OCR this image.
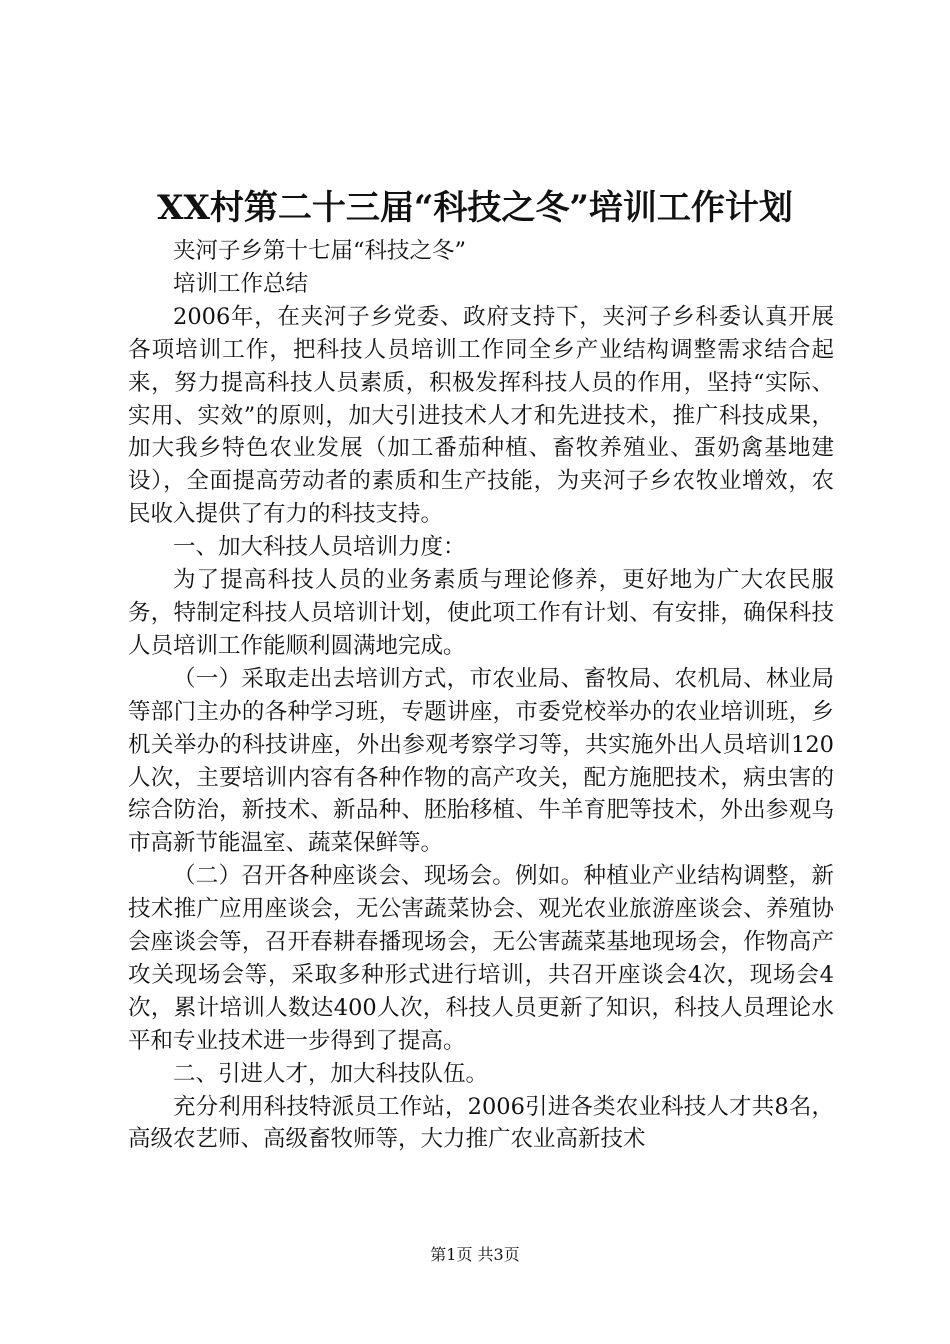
XX村第二十三届“科技之冬”培训工作计划

夹河子乡第十七届“科技之冬”

培训工作总结

2006年，在夹河子乡党委、政府支持下，夹河子乡科委认真开展各项培训工作，把科技人员培训工作同全乡产业结构调整需求结合起来，努力提高科技人员素质，积极发挥科技人员的作用，坚持“实际、实用、实效”的原则，加大引进技术人才和先进技术，推广科技成果，加大我乡特色农业发展（加工番茄种植、畜牧养殖业、蛋奶禽基地建设），全面提高劳动者的素质和生产技能，为夹河子乡农牧业增效，农民收入提供了有力的科技支持。

一、加大科技人员培训力度：

为了提高科技人员的业务素质与理论修养，更好地为广大农民服务，特制定科技人员培训计划，使此项工作有计划、有安排，确保科技人员培训工作能顺利圆满地完成。

（一）采取走出去培训方式，市农业局、畜牧局、农机局、林业局等部门主办的各种学习班，专题讲座，市委党校举办的农业培训班，乡机关举办的科技讲座，外出参观考察学习等，共实施外出人员培训120人次，主要培训内容有各种作物的高产攻关，配方施肥技术，病虫害的综合防治，新技术、新品种、胚胎移植、牛羊育肥等技术，外出参观乌市高新节能温室、蔬菜保鲜等。

（二）召开各种座谈会、现场会。例如。种植业产业结构调整，新技术推广应用座谈会，无公害蔬菜协会、观光农业旅游座谈会、养殖协会座谈会等，召开春耕春播现场会，无公害蔬菜基地现场会，作物高产攻关现场会等，采取多种形式进行培训，共召开座谈会4次，现场会4次，累计培训人数达400人次，科技人员更新了知识，科技人员理论水平和专业技术进一步得到了提高。

二、引进人才，加大科技队伍。

充分利用科技特派员工作站，2006引进各类农业科技人才共8名，高级农艺师、高级畜牧师等，大力推广农业高新技术

第1页 共3页
